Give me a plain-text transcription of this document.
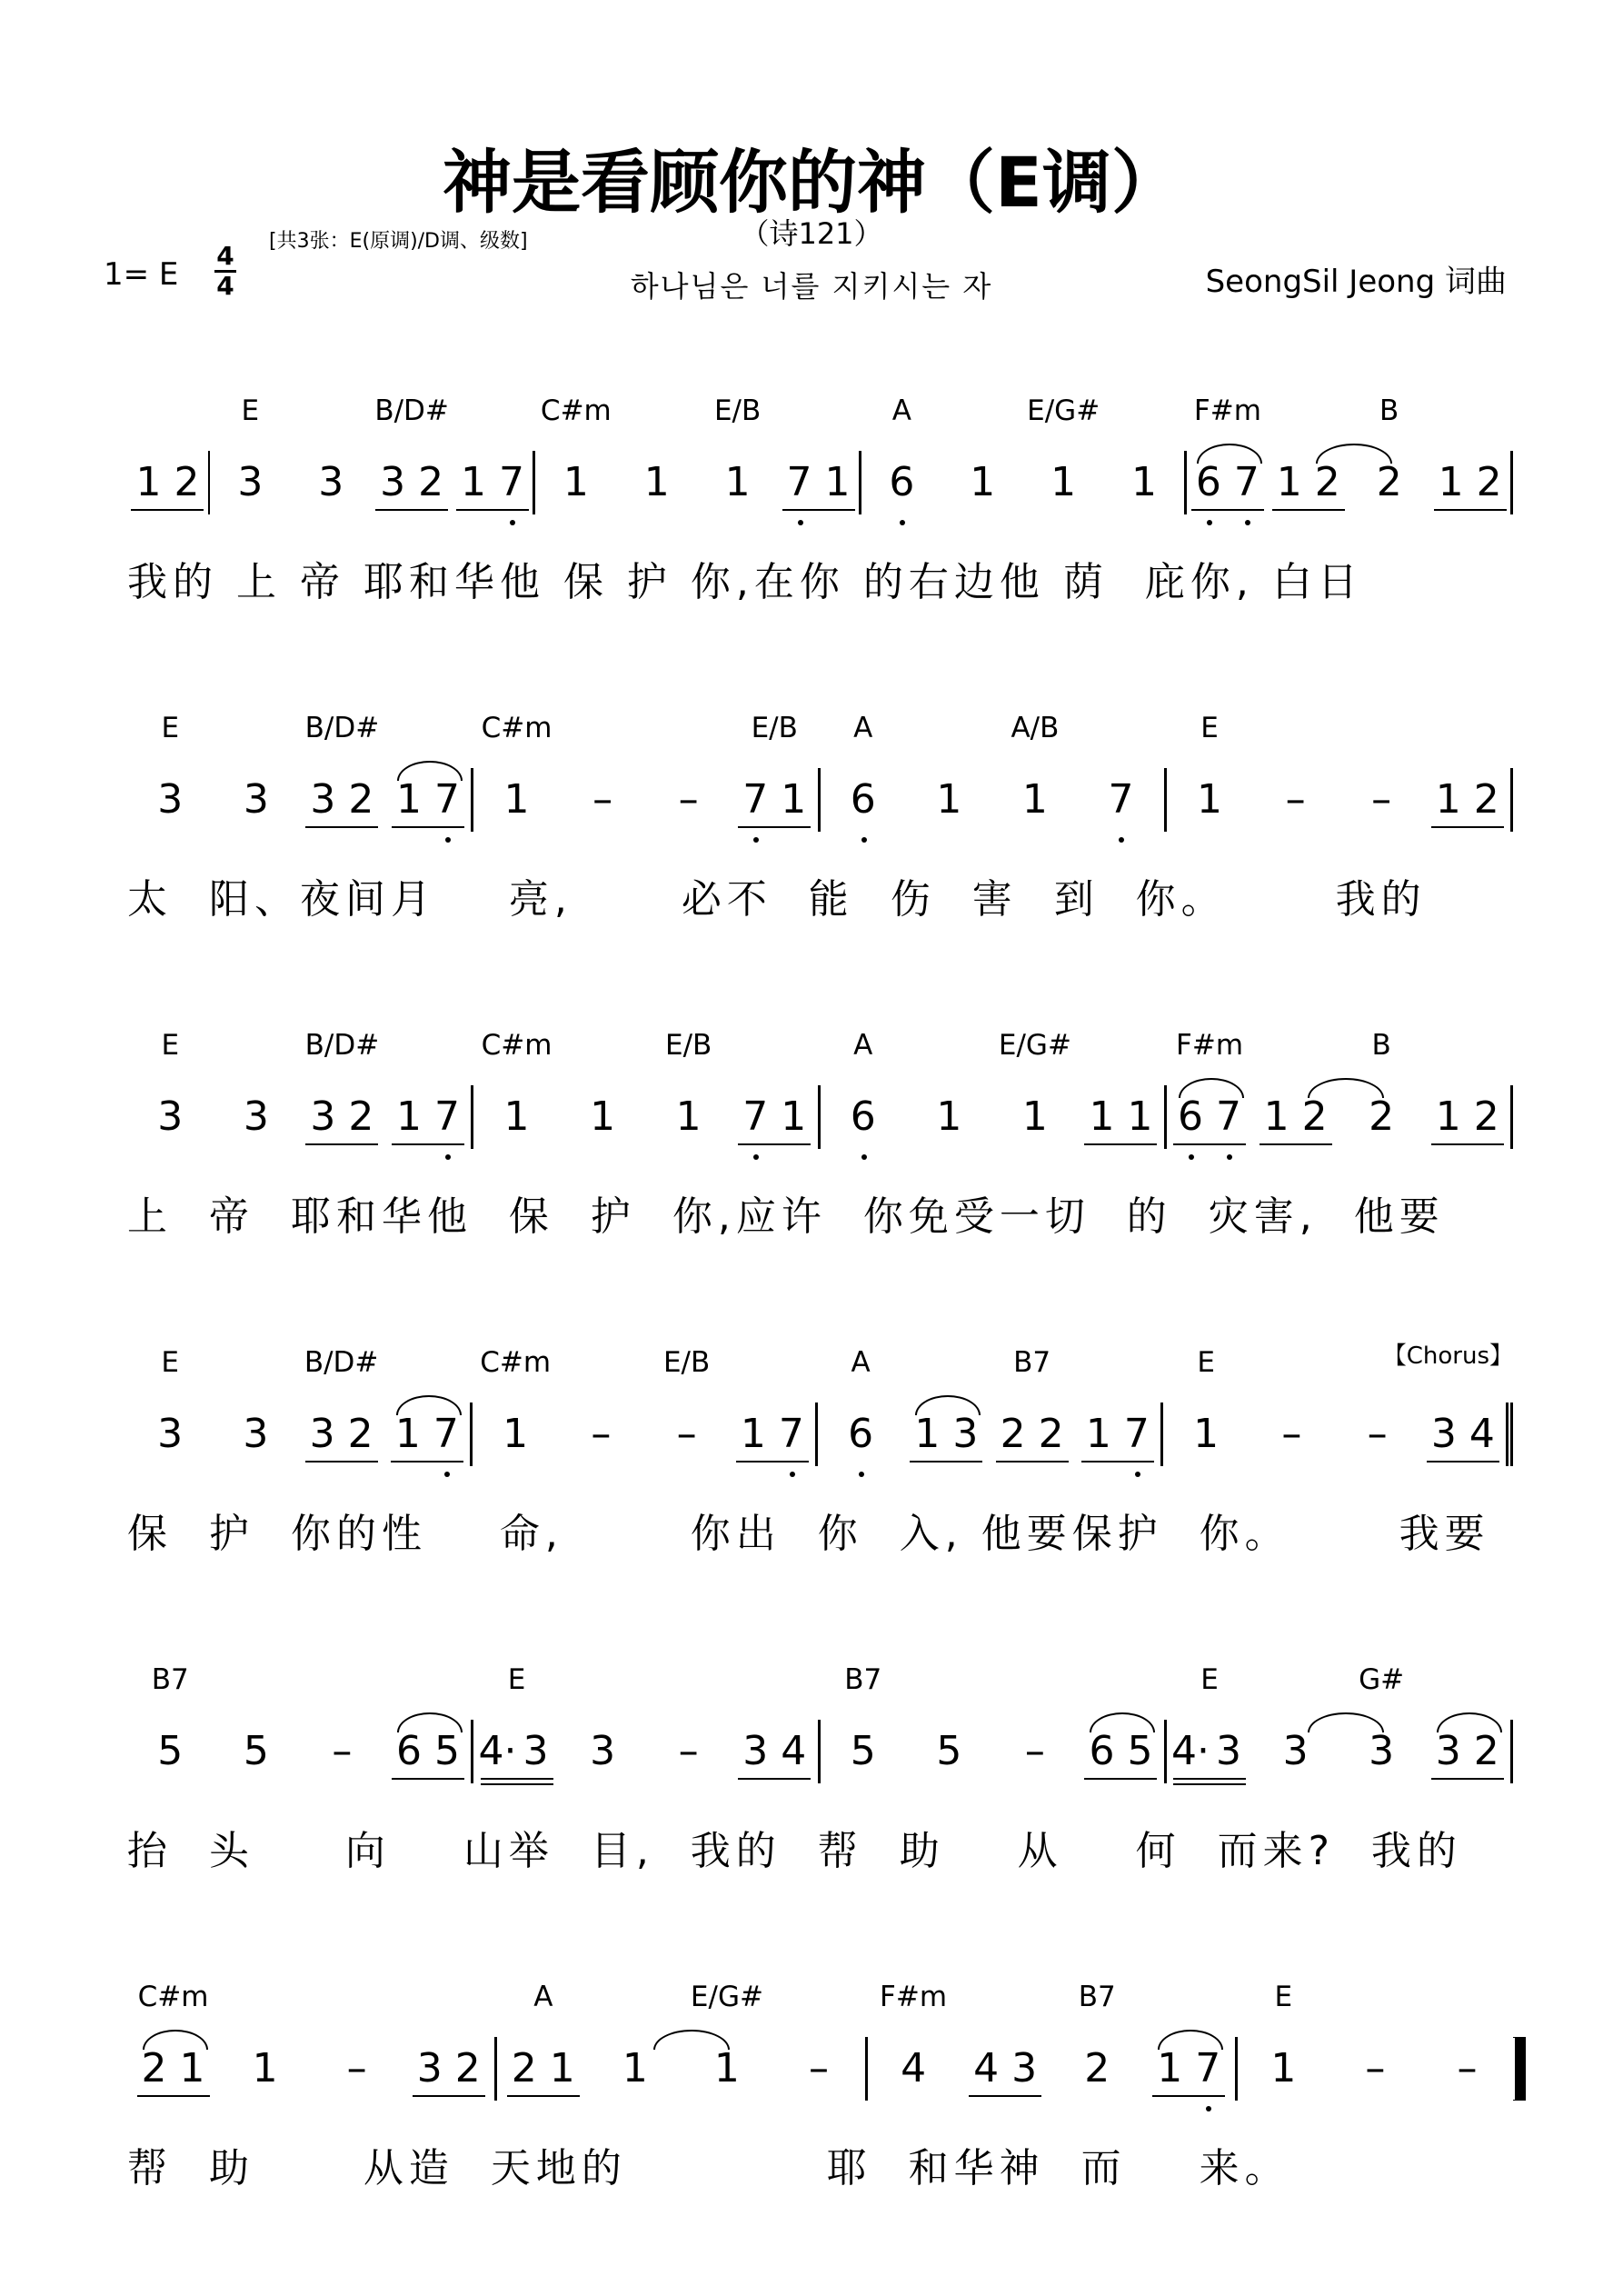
神是看顾你的神（E调）
（诗121）
하나님은 너를 지키시는 자
1= E
4
4
[共3张：E(原调)/D调、级数]
SeongSil Jeong 词曲
1 2 3
E
3 3 2
B/D#
1 7 1
C#m
1 1
E/B
7 1 6
A
1 1
E/G#
1 6 7
F#m
1 2 2
B
1 2
我的 上 帝 耶和华他 保 护 你,在你 的右边他 荫  庇你, 白日
3
E
3 3 2
B/D#
1 7 1
C#m
– – 7 1
E/B
6
A
1 1
A/B
7 1
E
– – 1 2
太  阳、夜间月    亮,      必不  能  伤  害  到  你。      我的
3
E
3 3 2
B/D#
1 7 1
C#m
1 1
E/B
7 1 6
A
1 1
E/G#
1 1 6 7
F#m
1 2 2
B
1 2
上  帝  耶和华他  保  护  你,应许  你免受一切  的  灾害,  他要
3
E
3 3 2
B/D#
1 7 1
C#m
– –
E/B
1 7 6
A
1 3 2 2
B7
1 7 1
E
– – 3 4
【Chorus】
保  护  你的性    命,       你出  你  入, 他要保护  你。      我要
5
B7
5 – 6 5 4· 3
E
3 – 3 4 5
B7
5 – 6 5 4· 3
E
3 3
G#
3 2
抬  头     向    山举  目,  我的  帮  助    从    何  而来?  我的
2 1
C#m
1 – 3 2 2 1
A
1 1
E/G#
– 4
F#m
4 3 2
B7
1 7 1
E
– –
帮  助      从造  天地的           耶  和华神  而    来。
